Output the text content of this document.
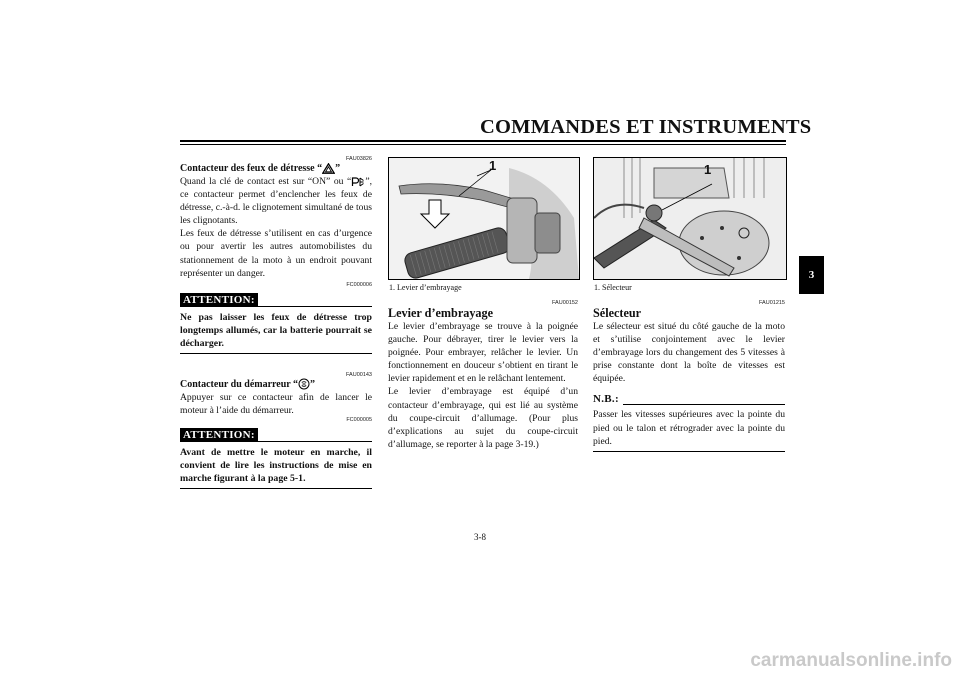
COMMANDES ET INSTRUMENTS
3
FAU03826
Contacteur des feux de détresse “ ”
Quand la clé de contact est sur “ON” ou “ ”, ce contacteur permet d’enclencher les feux de détresse, c.-à-d. le clignotement simultané de tous les clignotants.
Les feux de détresse s’utilisent en cas d’urgence ou pour avertir les autres automobilistes du stationnement de la moto à un endroit pouvant représenter un danger.
FC000006
ATTENTION:
Ne pas laisser les feux de détresse trop longtemps allumés, car la batterie pourrait se décharger.
FAU00143
Contacteur du démarreur “ ”
Appuyer sur ce contacteur afin de lancer le moteur à l’aide du démarreur.
FC000005
ATTENTION:
Avant de mettre le moteur en marche, il convient de lire les instructions de mise en marche figurant à la page 5-1.
1
1. Levier d’embrayage
FAU00152
Levier d’embrayage
Le levier d’embrayage se trouve à la poignée gauche. Pour débrayer, tirer le levier vers la poignée. Pour embrayer, relâcher le levier. Un fonctionnement en douceur s’obtient en tirant le levier rapidement et en le relâchant lentement.
Le levier d’embrayage est équipé d’un contacteur d’embrayage, qui est lié au système du coupe-circuit d’allumage. (Pour plus d’explications au sujet du coupe-circuit d’allumage, se reporter à la page 3-19.)
1
1. Sélecteur
FAU01215
Sélecteur
Le sélecteur est situé du côté gauche de la moto et s’utilise conjointement avec le levier d’embrayage lors du changement des 5 vitesses à prise constante dont la boîte de vitesses est équipée.
N.B.:
Passer les vitesses supérieures avec la pointe du pied ou le talon et rétrograder avec la pointe du pied.
3-8
carmanualsonline.info
